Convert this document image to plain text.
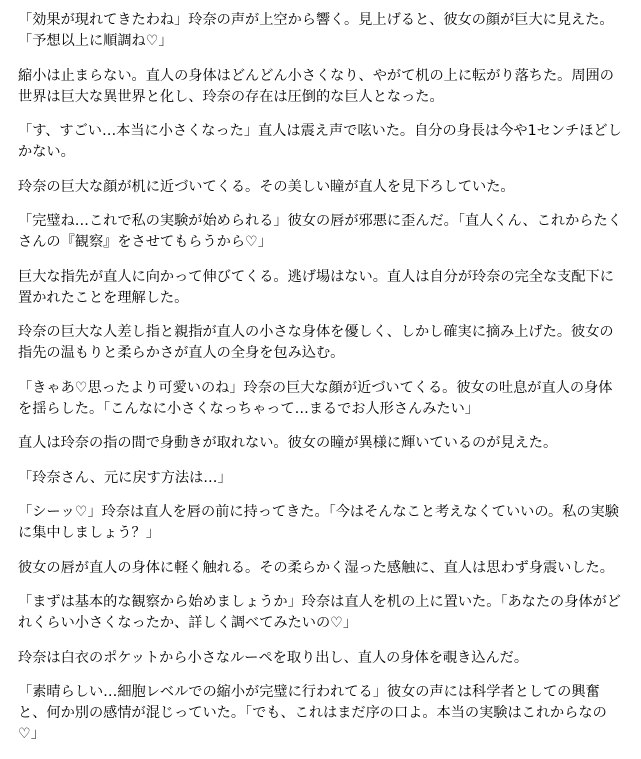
「効果が現れてきたわね」玲奈の声が上空から響く。見上げると、彼女の顔が巨大に見えた。「予想以上に順調ね♡」

縮小は止まらない。直人の身体はどんどん小さくなり、やがて机の上に転がり落ちた。周囲の世界は巨大な異世界と化し、玲奈の存在は圧倒的な巨人となった。

「す、すごい…本当に小さくなった」直人は震え声で呟いた。自分の身長は今や1センチほどしかない。

玲奈の巨大な顔が机に近づいてくる。その美しい瞳が直人を見下ろしていた。

「完璧ね…これで私の実験が始められる」彼女の唇が邪悪に歪んだ。「直人くん、これからたくさんの『観察』をさせてもらうから♡」

巨大な指先が直人に向かって伸びてくる。逃げ場はない。直人は自分が玲奈の完全な支配下に置かれたことを理解した。

玲奈の巨大な人差し指と親指が直人の小さな身体を優しく、しかし確実に摘み上げた。彼女の指先の温もりと柔らかさが直人の全身を包み込む。

「きゃあ♡思ったより可愛いのね」玲奈の巨大な顔が近づいてくる。彼女の吐息が直人の身体を揺らした。「こんなに小さくなっちゃって…まるでお人形さんみたい」

直人は玲奈の指の間で身動きが取れない。彼女の瞳が異様に輝いているのが見えた。

「玲奈さん、元に戻す方法は…」

「シーッ♡」玲奈は直人を唇の前に持ってきた。「今はそんなこと考えなくていいの。私の実験に集中しましょう？」

彼女の唇が直人の身体に軽く触れる。その柔らかく湿った感触に、直人は思わず身震いした。

「まずは基本的な観察から始めましょうか」玲奈は直人を机の上に置いた。「あなたの身体がどれくらい小さくなったか、詳しく調べてみたいの♡」

玲奈は白衣のポケットから小さなルーペを取り出し、直人の身体を覗き込んだ。

「素晴らしい…細胞レベルでの縮小が完璧に行われてる」彼女の声には科学者としての興奮と、何か別の感情が混じっていた。「でも、これはまだ序の口よ。本当の実験はこれからなの♡」
